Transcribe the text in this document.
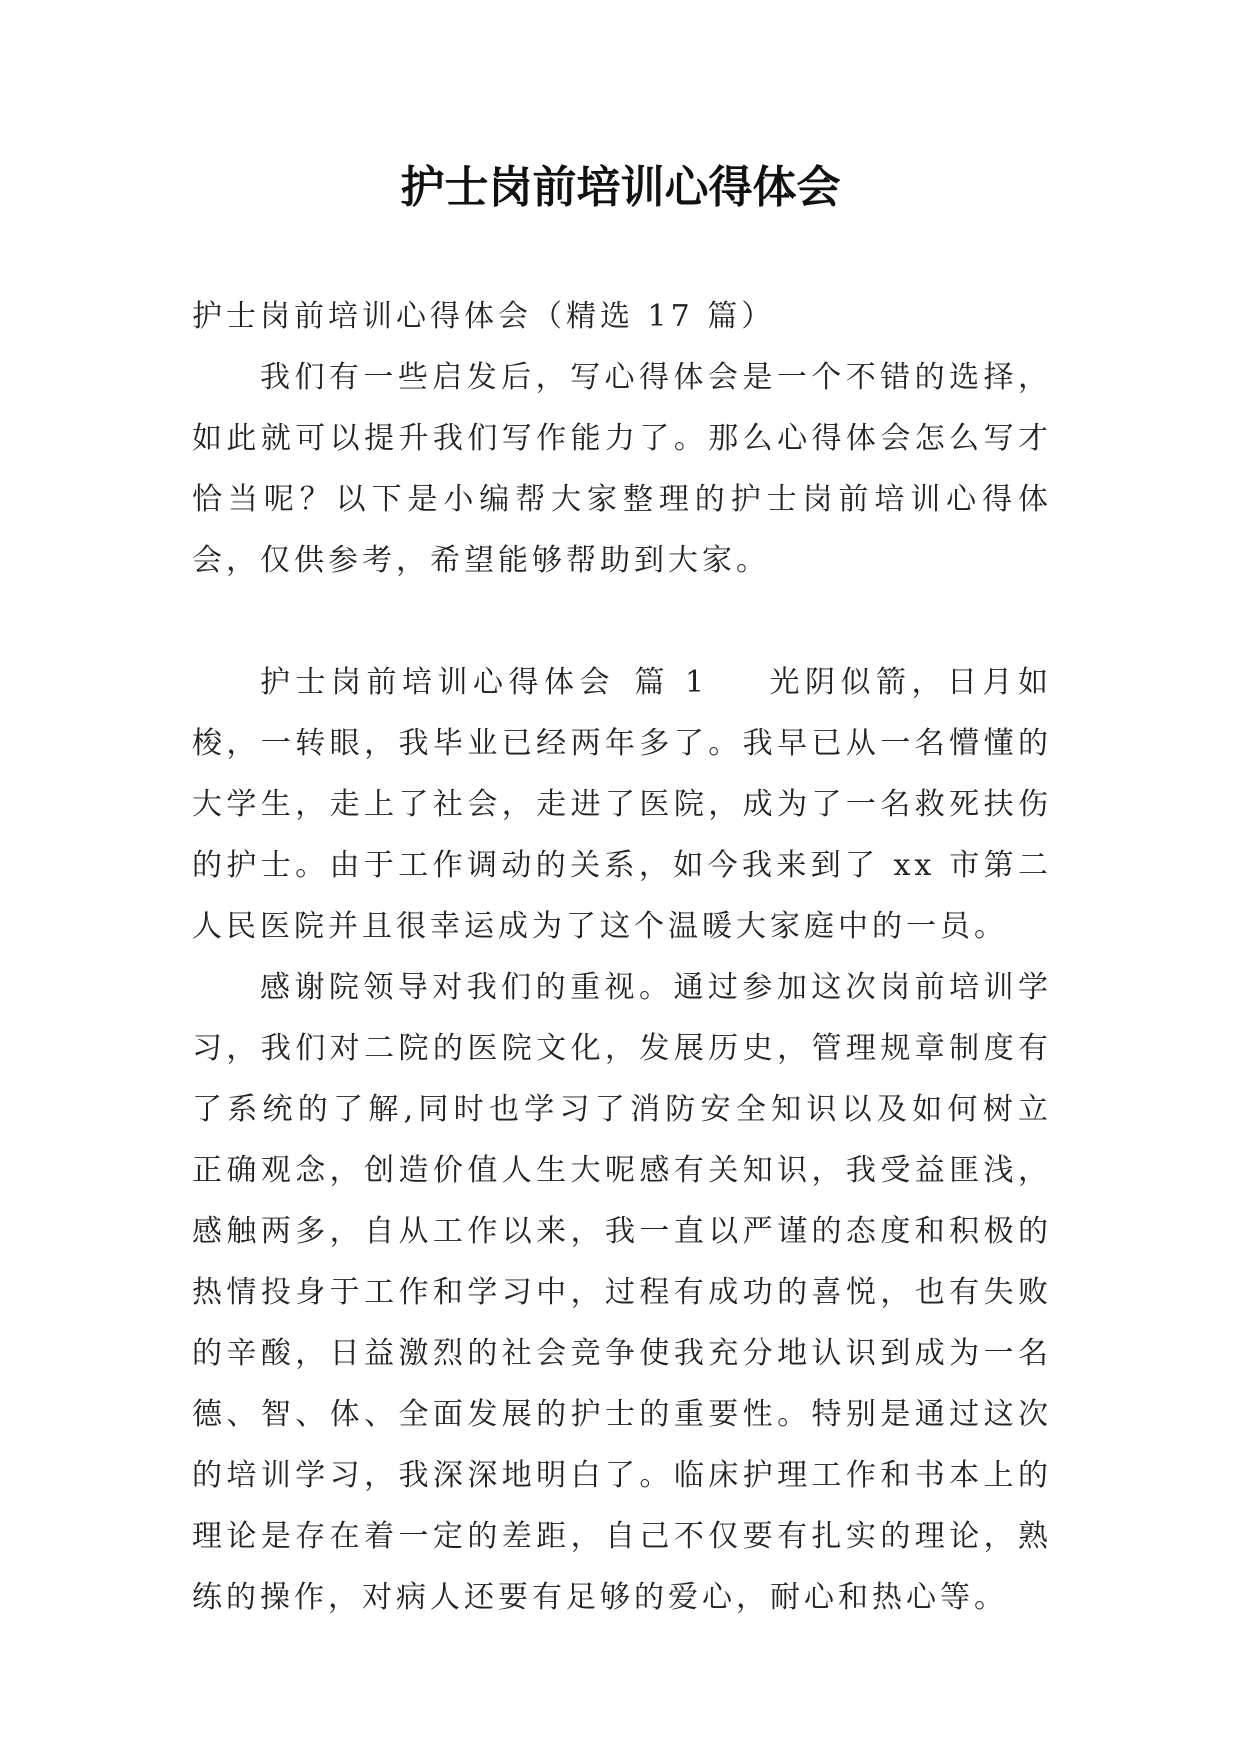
护士岗前培训心得体会

护士岗前培训心得体会（精选 17 篇）

我们有一些启发后，写心得体会是一个不错的选择，如此就可以提升我们写作能力了。那么心得体会怎么写才恰当呢？以下是小编帮大家整理的护士岗前培训心得体会，仅供参考，希望能够帮助到大家。

护士岗前培训心得体会 篇 1 光阴似箭，日月如梭，一转眼，我毕业已经两年多了。我早已从一名懵懂的大学生，走上了社会，走进了医院，成为了一名救死扶伤的护士。由于工作调动的关系，如今我来到了 xx 市第二人民医院并且很幸运成为了这个温暖大家庭中的一员。

感谢院领导对我们的重视。通过参加这次岗前培训学习，我们对二院的医院文化，发展历史，管理规章制度有了系统的了解,同时也学习了消防安全知识以及如何树立正确观念，创造价值人生大呢感有关知识，我受益匪浅，感触两多，自从工作以来，我一直以严谨的态度和积极的热情投身于工作和学习中，过程有成功的喜悦，也有失败的辛酸，日益激烈的社会竞争使我充分地认识到成为一名德、智、体、全面发展的护士的重要性。特别是通过这次的培训学习，我深深地明白了。临床护理工作和书本上的理论是存在着一定的差距，自己不仅要有扎实的理论，熟练的操作，对病人还要有足够的爱心，耐心和热心等。
